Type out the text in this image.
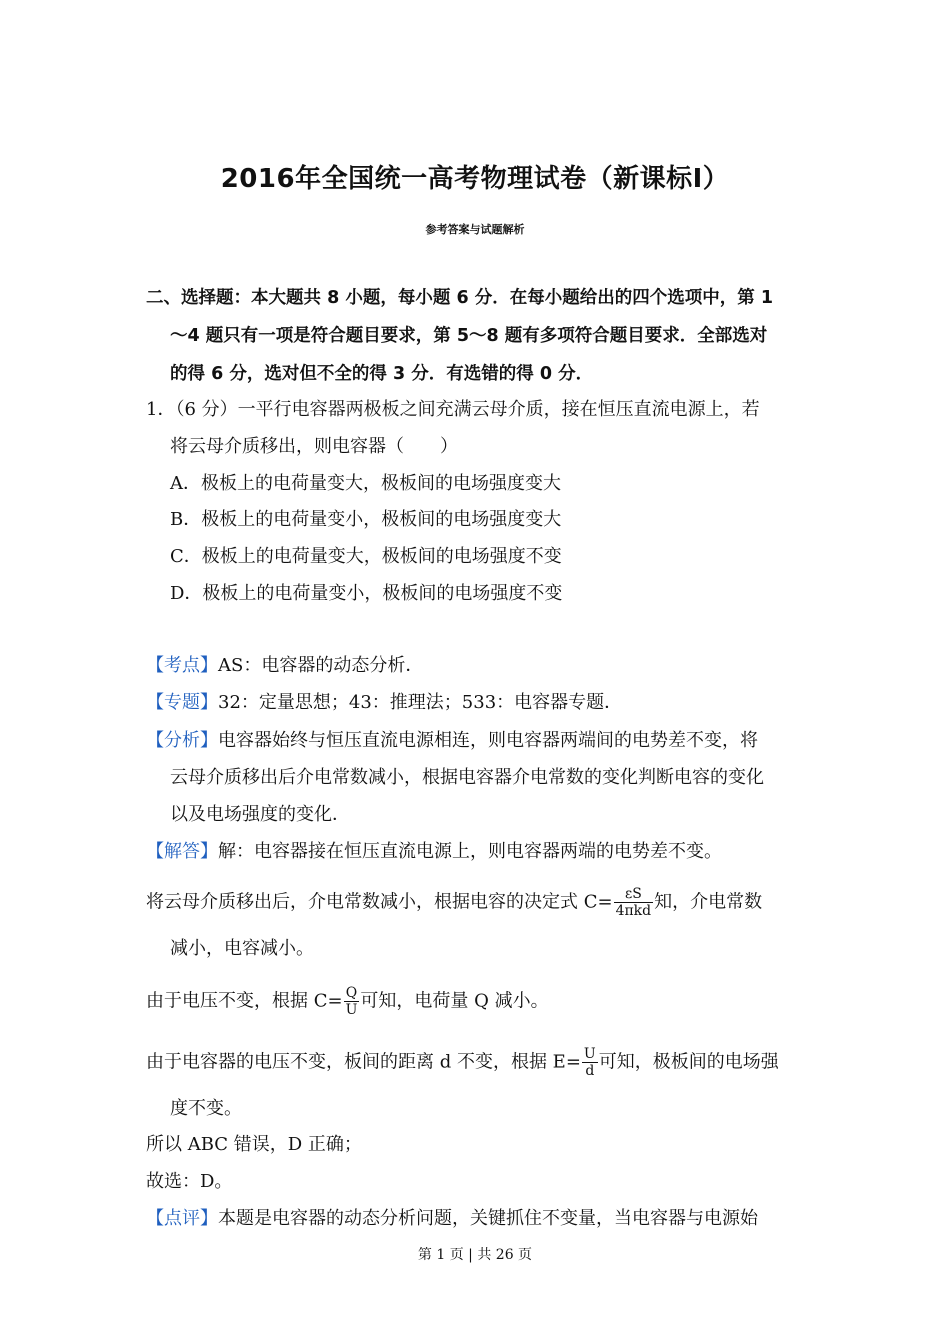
2016年全国统一高考物理试卷（新课标Ⅰ）
参考答案与试题解析
二、选择题：本大题共 8 小题，每小题 6 分．在每小题给出的四个选项中，第 1
～4 题只有一项是符合题目要求，第 5～8 题有多项符合题目要求．全部选对
的得 6 分，选对但不全的得 3 分．有选错的得 0 分．
1．（6 分）一平行电容器两极板之间充满云母介质，接在恒压直流电源上，若
将云母介质移出，则电容器（　　）
A．极板上的电荷量变大，极板间的电场强度变大
B．极板上的电荷量变小，极板间的电场强度变大
C．极板上的电荷量变大，极板间的电场强度不变
D．极板上的电荷量变小，极板间的电场强度不变
【考点】AS：电容器的动态分析．
【专题】32：定量思想；43：推理法；533：电容器专题．
【分析】电容器始终与恒压直流电源相连，则电容器两端间的电势差不变，将
云母介质移出后介电常数减小，根据电容器介电常数的变化判断电容的变化
以及电场强度的变化．
【解答】解：电容器接在恒压直流电源上，则电容器两端的电势差不变。
将云母介质移出后，介电常数减小，根据电容的决定式 $C= \frac{\varepsilon S}{\text{4πkd}}$ 知，介电常数
减小，电容减小。
由于电压不变，根据 $C= \frac{Q}{U}$ 可知，电荷量 Q 减小。
由于电容器的电压不变，板间的距离 d 不变，根据 $E= \frac{U}{d}$ 可知，极板间的电场强
度不变。
所以 ABC 错误，D 正确；
故选：D。
【点评】本题是电容器的动态分析问题，关键抓住不变量，当电容器与电源始
第 1 页 | 共 26 页
